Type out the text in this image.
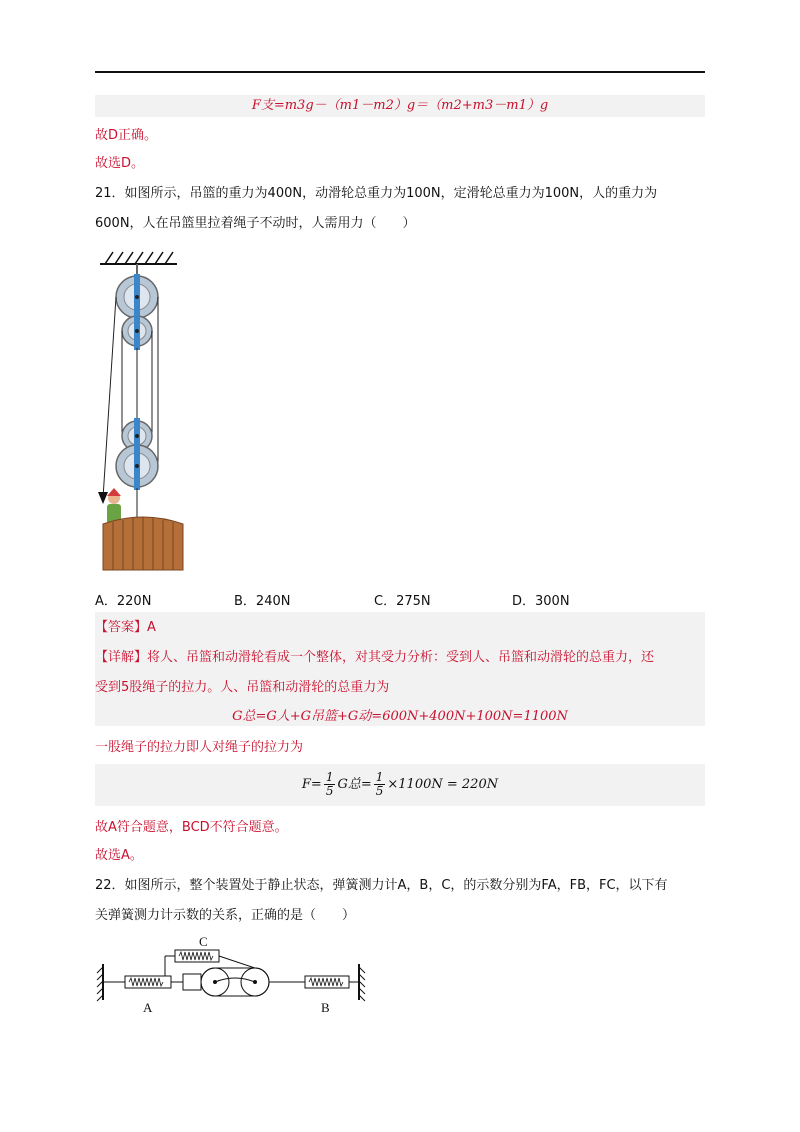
F支=m3g－（m1－m2）g＝（m2+m3－m1）g
故D正确。
故选D。
21．如图所示，吊篮的重力为400N，动滑轮总重力为100N，定滑轮总重力为100N，人的重力为
600N，人在吊篮里拉着绳子不动时，人需用力（　　）
A．220N	B．240N	C．275N	D．300N
【答案】A
【详解】将人、吊篮和动滑轮看成一个整体，对其受力分析：受到人、吊篮和动滑轮的总重力，还
受到5股绳子的拉力。人、吊篮和动滑轮的总重力为
G总=G人+G吊篮+G动=600N+400N+100N=1100N
一股绳子的拉力即人对绳子的拉力为
$F= \frac{1}{5}$ G总= $\frac{1}{5} \times 1100N = 220N$
故A符合题意，BCD不符合题意。
故选A。
22．如图所示，整个装置处于静止状态，弹簧测力计A，B，C，的示数分别为FA，FB，FC，以下有
关弹簧测力计示数的关系，正确的是（　　）
C
A	B
